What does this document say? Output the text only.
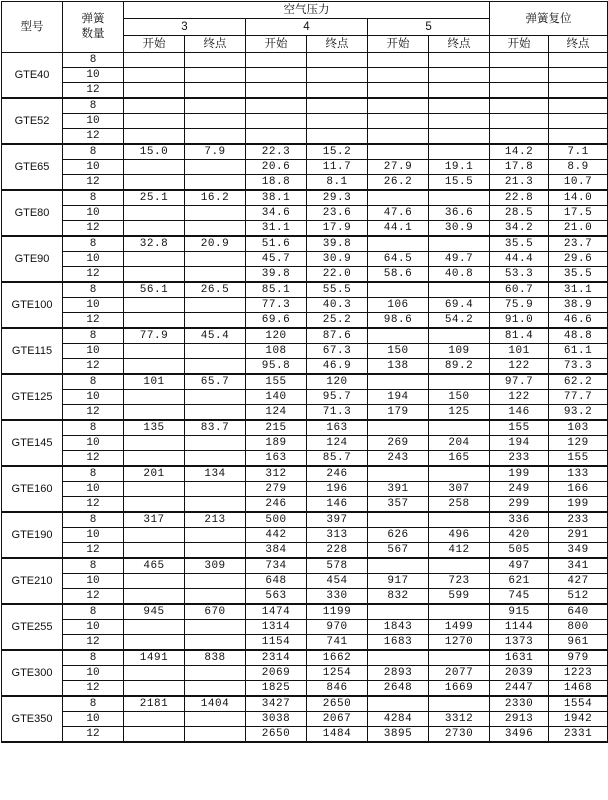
型号	弹簧数量	空气压力						弹簧复位	
		3		4		5			
		开始	终点	开始	终点	开始	终点	开始	终点
GTE40	8								
	10								
	12								
GTE52	8								
	10								
	12								
GTE65	8	15.0	7.9	22.3	15.2			14.2	7.1
	10			20.6	11.7	27.9	19.1	17.8	8.9
	12			18.8	8.1	26.2	15.5	21.3	10.7
GTE80	8	25.1	16.2	38.1	29.3			22.8	14.0
	10			34.6	23.6	47.6	36.6	28.5	17.5
	12			31.1	17.9	44.1	30.9	34.2	21.0
GTE90	8	32.8	20.9	51.6	39.8			35.5	23.7
	10			45.7	30.9	64.5	49.7	44.4	29.6
	12			39.8	22.0	58.6	40.8	53.3	35.5
GTE100	8	56.1	26.5	85.1	55.5			60.7	31.1
	10			77.3	40.3	106	69.4	75.9	38.9
	12			69.6	25.2	98.6	54.2	91.0	46.6
GTE115	8	77.9	45.4	120	87.6			81.4	48.8
	10			108	67.3	150	109	101	61.1
	12			95.8	46.9	138	89.2	122	73.3
GTE125	8	101	65.7	155	120			97.7	62.2
	10			140	95.7	194	150	122	77.7
	12			124	71.3	179	125	146	93.2
GTE145	8	135	83.7	215	163			155	103
	10			189	124	269	204	194	129
	12			163	85.7	243	165	233	155
GTE160	8	201	134	312	246			199	133
	10			279	196	391	307	249	166
	12			246	146	357	258	299	199
GTE190	8	317	213	500	397			336	233
	10			442	313	626	496	420	291
	12			384	228	567	412	505	349
GTE210	8	465	309	734	578			497	341
	10			648	454	917	723	621	427
	12			563	330	832	599	745	512
GTE255	8	945	670	1474	1199			915	640
	10			1314	970	1843	1499	1144	800
	12			1154	741	1683	1270	1373	961
GTE300	8	1491	838	2314	1662			1631	979
	10			2069	1254	2893	2077	2039	1223
	12			1825	846	2648	1669	2447	1468
GTE350	8	2181	1404	3427	2650			2330	1554
	10			3038	2067	4284	3312	2913	1942
	12			2650	1484	3895	2730	3496	2331
